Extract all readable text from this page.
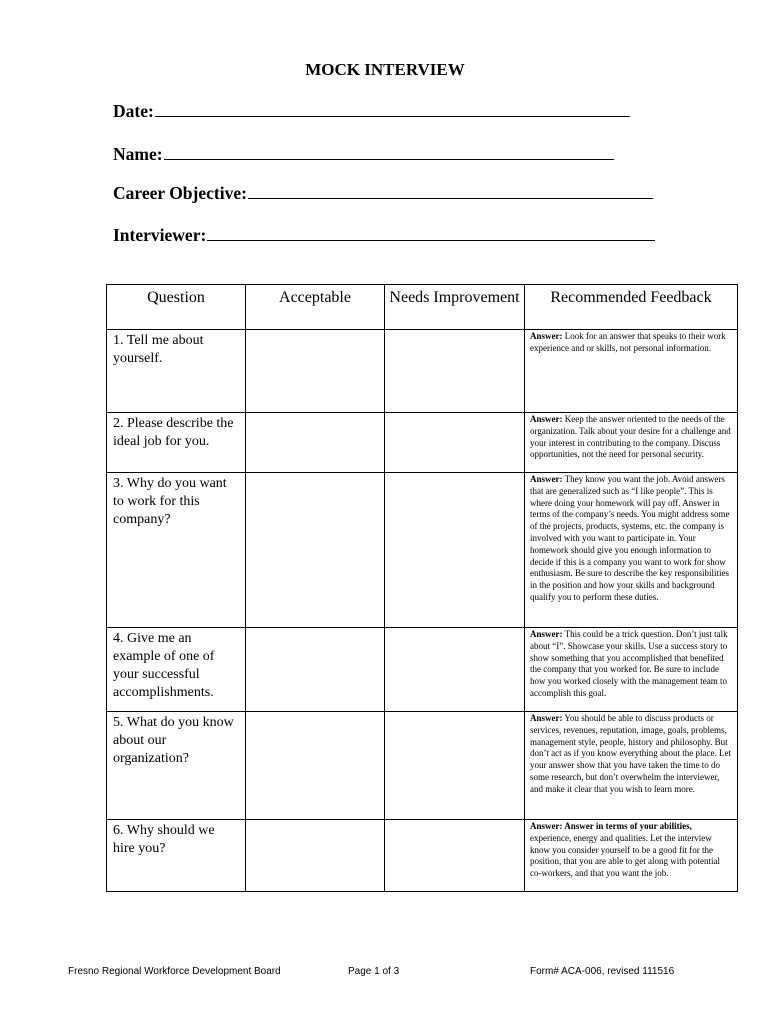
MOCK INTERVIEW
Date:
Name:
Career Objective:
Interviewer:
Question	Acceptable	Needs Improvement	Recommended Feedback
1. Tell me about yourself.			Answer: Look for an answer that speaks to their work experience and or skills, not personal information.
2. Please describe the ideal job for you.			Answer: Keep the answer oriented to the needs of the organization. Talk about your desire for a challenge and your interest in contributing to the company. Discuss opportunities, not the need for personal security.
3. Why do you want to work for this company?			Answer: They know you want the job. Avoid answers that are generalized such as “I like people”. This is where doing your homework will pay off. Answer in terms of the company’s needs. You might address some of the projects, products, systems, etc. the company is involved with you want to participate in. Your homework should give you enough information to decide if this is a company you want to work for show enthusiasm. Be sure to describe the key responsibilities in the position and how your skills and background qualify you to perform these duties.
4. Give me an example of one of your successful accomplishments.			Answer: This could be a trick question. Don’t just talk about “I”. Showcase your skills. Use a success story to show something that you accomplished that benefited the company that you worked for. Be sure to include how you worked closely with the management team to accomplish this goal.
5. What do you know about our organization?			Answer: You should be able to discuss products or services, revenues, reputation, image, goals, problems, management style, people, history and philosophy. But don’t act as if you know everything about the place. Let your answer show that you have taken the time to do some research, but don’t overwhelm the interviewer, and make it clear that you wish to learn more.
6. Why should we hire you?			Answer: Answer in terms of your abilities, experience, energy and qualities. Let the interview know you consider yourself to be a good fit for the position, that you are able to get along with potential co-workers, and that you want the job.
Fresno Regional Workforce Development Board	Page 1 of 3	Form# ACA-006, revised 111516
